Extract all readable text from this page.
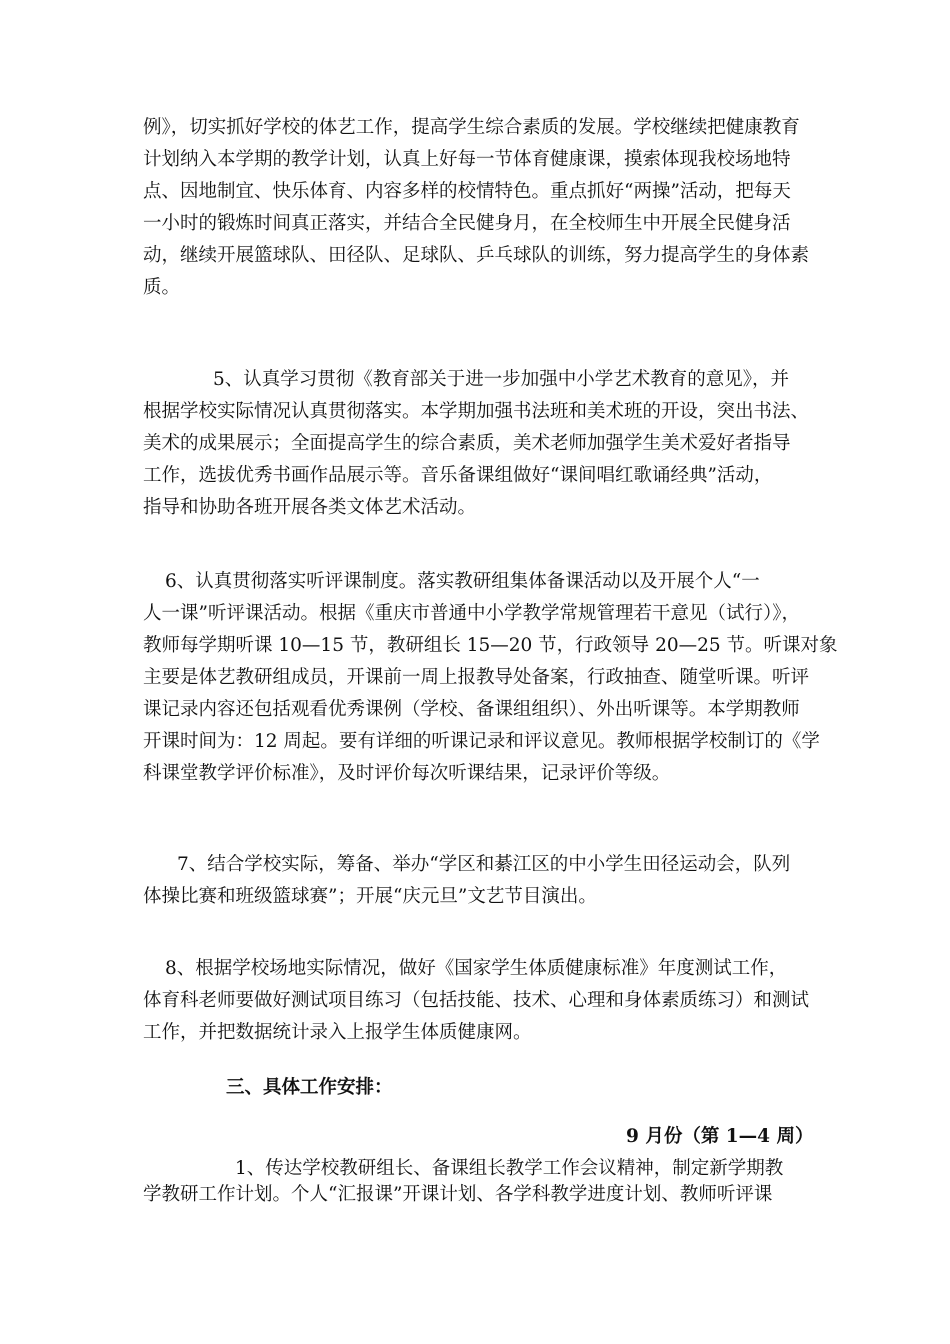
例》，切实抓好学校的体艺工作，提高学生综合素质的发展。学校继续把健康教育
计划纳入本学期的教学计划，认真上好每一节体育健康课，摸索体现我校场地特
点、因地制宜、快乐体育、内容多样的校情特色。重点抓好“两操”活动，把每天
一小时的锻炼时间真正落实，并结合全民健身月，在全校师生中开展全民健身活
动，继续开展篮球队、田径队、足球队、乒乓球队的训练，努力提高学生的身体素
质。
5、认真学习贯彻《教育部关于进一步加强中小学艺术教育的意见》，并
根据学校实际情况认真贯彻落实。本学期加强书法班和美术班的开设，突出书法、
美术的成果展示；全面提高学生的综合素质，美术老师加强学生美术爱好者指导
工作，选拔优秀书画作品展示等。音乐备课组做好“课间唱红歌诵经典”活动，
指导和协助各班开展各类文体艺术活动。
6、认真贯彻落实听评课制度。落实教研组集体备课活动以及开展个人“一
人一课”听评课活动。根据《重庆市普通中小学教学常规管理若干意见（试行）》，
教师每学期听课 10—15 节，教研组长 15—20 节，行政领导 20—25 节。听课对象
主要是体艺教研组成员，开课前一周上报教导处备案，行政抽查、随堂听课。听评
课记录内容还包括观看优秀课例（学校、备课组组织）、外出听课等。本学期教师
开课时间为：12 周起。要有详细的听课记录和评议意见。教师根据学校制订的《学
科课堂教学评价标准》，及时评价每次听课结果，记录评价等级。
7、结合学校实际，筹备、举办“学区和綦江区的中小学生田径运动会，队列
体操比赛和班级篮球赛”；开展“庆元旦”文艺节目演出。
8、根据学校场地实际情况，做好《国家学生体质健康标准》年度测试工作，
体育科老师要做好测试项目练习（包括技能、技术、心理和身体素质练习）和测试
工作，并把数据统计录入上报学生体质健康网。
三、具体工作安排：
9 月份（第 1—4 周）
1、传达学校教研组长、备课组长教学工作会议精神，制定新学期教
学教研工作计划。个人“汇报课”开课计划、各学科教学进度计划、教师听评课
